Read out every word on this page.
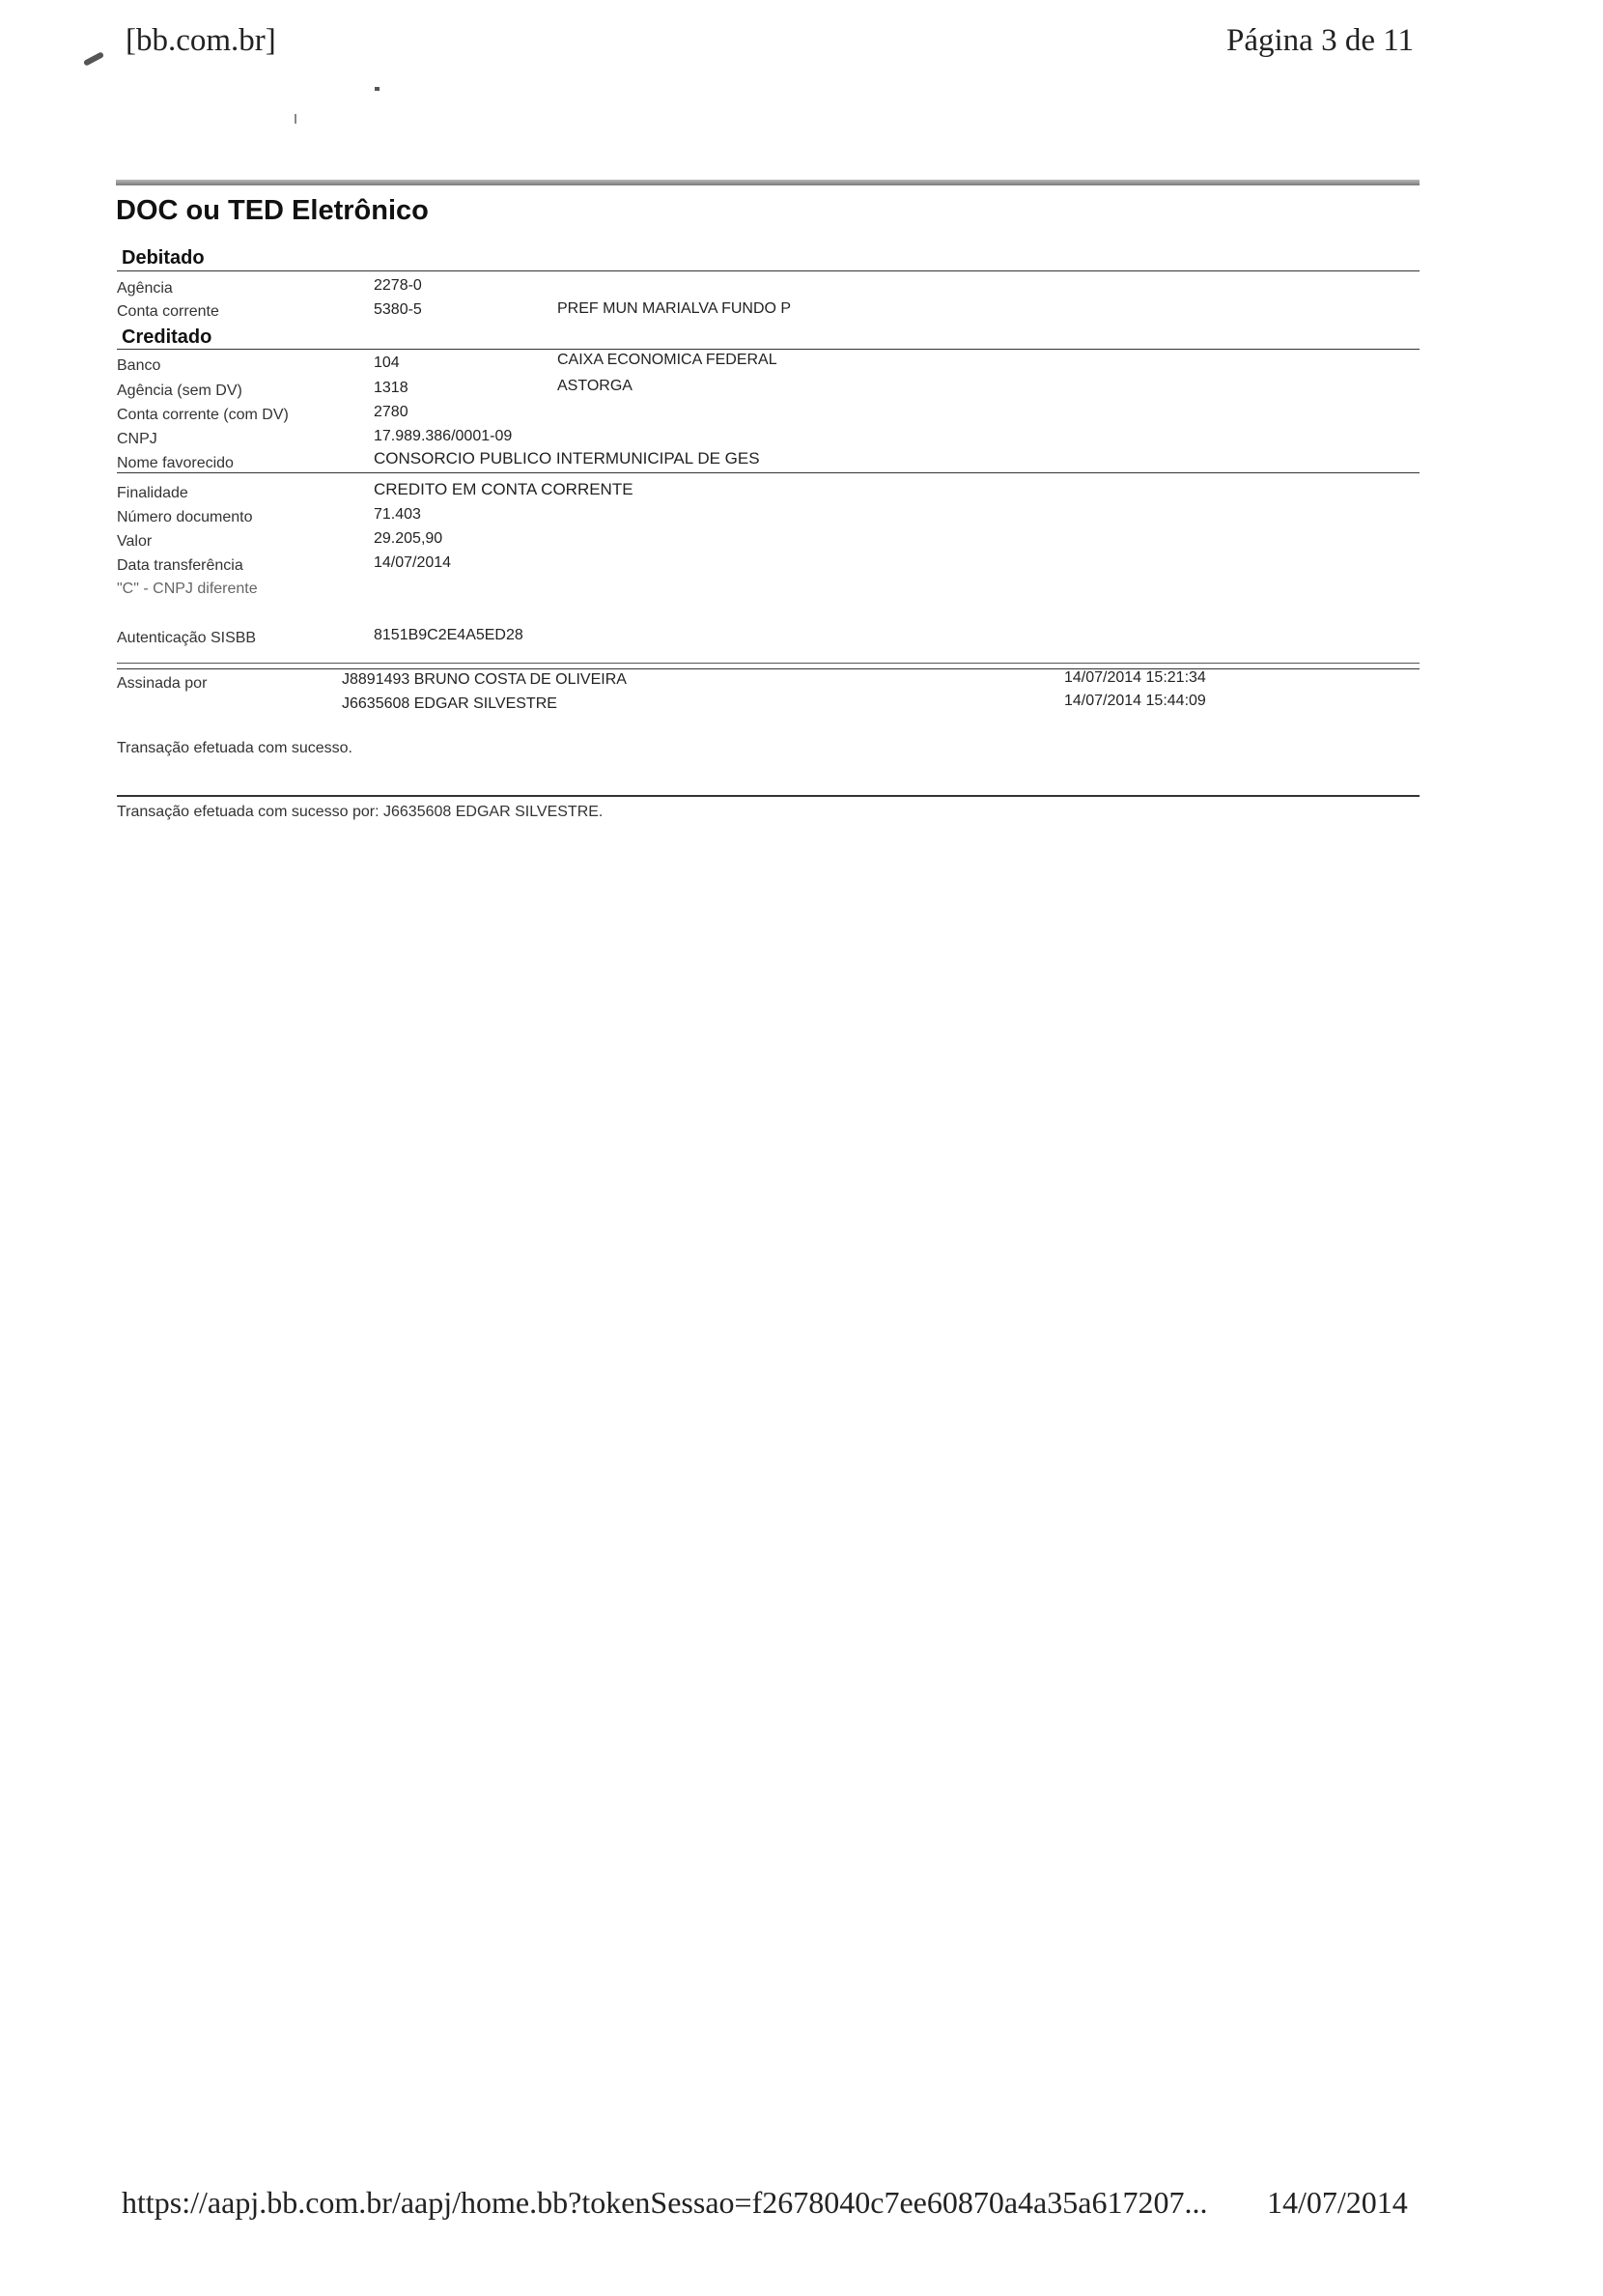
[bb.com.br]	Página 3 de 11
DOC ou TED Eletrônico
Debitado
Agência	2278-0
Conta corrente	5380-5	PREF MUN MARIALVA FUNDO P
Creditado
Banco	104	CAIXA ECONOMICA FEDERAL
Agência (sem DV)	1318	ASTORGA
Conta corrente (com DV)	2780
CNPJ	17.989.386/0001-09
Nome favorecido	CONSORCIO PUBLICO INTERMUNICIPAL DE GES
Finalidade	CREDITO EM CONTA CORRENTE
Número documento	71.403
Valor	29.205,90
Data transferência	14/07/2014
"C" - CNPJ diferente
Autenticação SISBB	8151B9C2E4A5ED28
Assinada por	J8891493 BRUNO COSTA DE OLIVEIRA	14/07/2014 15:21:34
J6635608 EDGAR SILVESTRE	14/07/2014 15:44:09
Transação efetuada com sucesso.
Transação efetuada com sucesso por: J6635608 EDGAR SILVESTRE.
https://aapj.bb.com.br/aapj/home.bb?tokenSessao=f2678040c7ee60870a4a35a617207... 14/07/2014
